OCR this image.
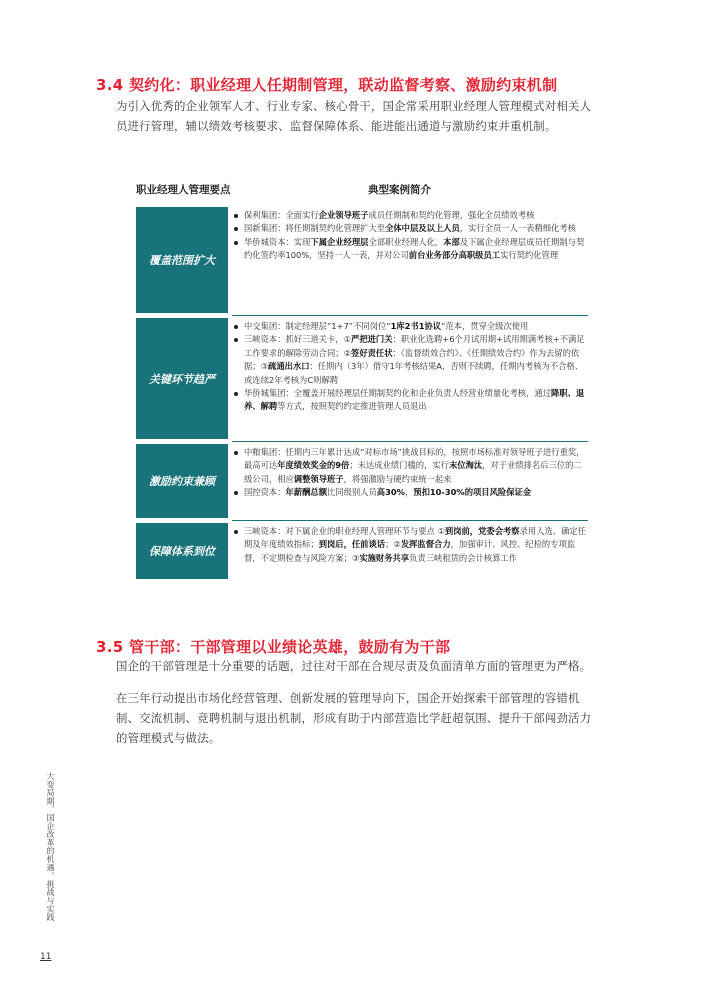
3.4 契约化：职业经理人任期制管理，联动监督考察、激励约束机制
为引入优秀的企业领军人才、行业专家、核心骨干，国企常采用职业经理人管理模式对相关人员进行管理，辅以绩效考核要求、监督保障体系、能进能出通道与激励约束并重机制。
职业经理人管理要点	典型案例简介
覆盖范围扩大
保利集团：全面实行企业领导班子成员任期制和契约化管理，强化全员绩效考核
国新集团：将任期制契约化管理扩大至全体中层及以上人员，实行全员一人一表精细化考核
华侨城资本：实现下属企业经理层全部职业经理人化，本部及下属企业经理层成员任期制与契约化签约率100%，坚持一人一表，并对公司前台业务部分高职级员工实行契约化管理
关键环节趋严
中交集团：制定经理层“1+7”不同岗位“1库2书1协议”范本，贯穿全级次使用
三峡资本：抓好三道关卡，①严把进门关：职业化选聘+6个月试用期+试用期满考核+不满足工作要求的解除劳动合同；②签好责任状：《监督绩效合约》、《任期绩效合约》作为去留的依据；③疏通出水口：任期内（3年）借守1年考核结果A，否则不续聘，任期内考核为不合格、或连续2年考核为C则解聘
华侨城集团：全覆盖开展经理层任期制契约化和企业负责人经营业绩量化考核，通过降职、退养、解聘等方式，按照契约约定推进管理人员退出
激励约束兼顾
中粮集团：任期内三年累计达成“对标市场”挑战目标的，按照市场标准对领导班子进行重奖，最高可达年度绩效奖金的9倍；未达成业绩门槛的，实行末位淘汰，对于业绩排名后三位的二级公司，相应调整领导班子，将强激励与硬约束统一起来
国控资本：年薪酬总额比同级别人员高30%，预扣10-30%的项目风险保证金
保障体系到位
三峡资本：对下属企业的职业经理人管理环节与要点 ①到岗前，党委会考察录用人选、确定任期及年度绩效指标；到岗后，任前谈话；②发挥监督合力，加强审计、风控、纪检的专项监督，不定期检查与风险方案；③实施财务共享负责三峡租赁的会计核算工作
3.5 管干部：干部管理以业绩论英雄，鼓励有为干部
国企的干部管理是十分重要的话题，过往对干部在合规尽责及负面清单方面的管理更为严格。
在三年行动提出市场化经营管理、创新发展的管理导向下，国企开始探索干部管理的容错机制、交流机制、竞聘机制与退出机制，形成有助于内部营造比学赶超氛围、提升干部闯劲活力的管理模式与做法。
大变局期，国企改革的机遇、挑战与实践
11
